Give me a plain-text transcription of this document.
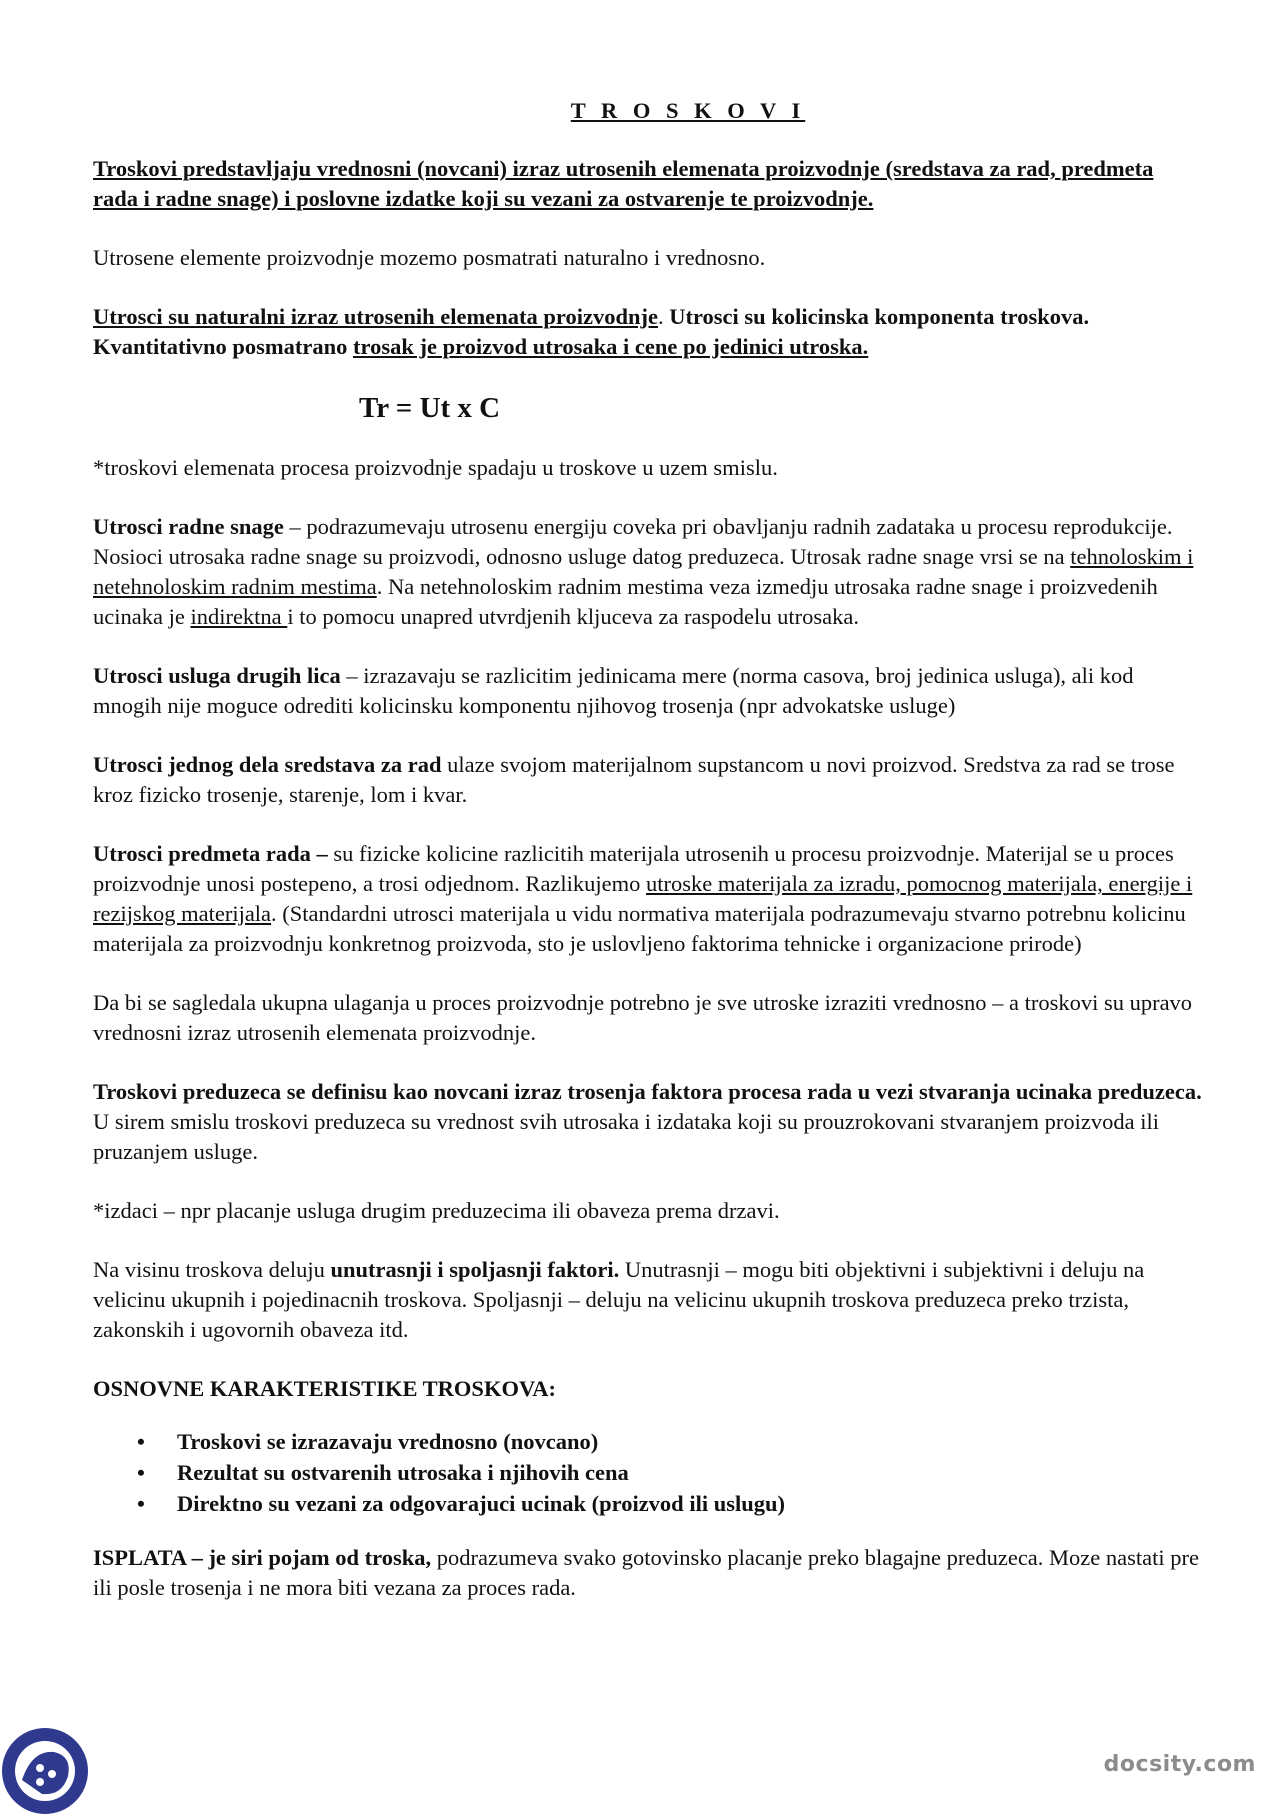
T R O S K O V I

Troskovi predstavljaju vrednosni (novcani) izraz utrosenih elemenata proizvodnje (sredstava za rad, predmeta rada i radne snage) i poslovne izdatke koji su vezani za ostvarenje te proizvodnje.

Utrosene elemente proizvodnje mozemo posmatrati naturalno i vrednosno.

Utrosci su naturalni izraz utrosenih elemenata proizvodnje. Utrosci su kolicinska komponenta troskova. Kvantitativno posmatrano trosak je proizvod utrosaka i cene po jedinici utroska.

Tr = Ut x C

*troskovi elemenata procesa proizvodnje spadaju u troskove u uzem smislu.

Utrosci radne snage – podrazumevaju utrosenu energiju coveka pri obavljanju radnih zadataka u procesu reprodukcije. Nosioci utrosaka radne snage su proizvodi, odnosno usluge datog preduzeca. Utrosak radne snage vrsi se na tehnoloskim i netehnoloskim radnim mestima. Na netehnoloskim radnim mestima veza izmedju utrosaka radne snage i proizvedenih ucinaka je indirektna i to pomocu unapred utvrdjenih kljuceva za raspodelu utrosaka.

Utrosci usluga drugih lica – izrazavaju se razlicitim jedinicama mere (norma casova, broj jedinica usluga), ali kod mnogih nije moguce odrediti kolicinsku komponentu njihovog trosenja (npr advokatske usluge)

Utrosci jednog dela sredstava za rad ulaze svojom materijalnom supstancom u novi proizvod. Sredstva za rad se trose kroz fizicko trosenje, starenje, lom i kvar.

Utrosci predmeta rada – su fizicke kolicine razlicitih materijala utrosenih u procesu proizvodnje. Materijal se u proces proizvodnje unosi postepeno, a trosi odjednom. Razlikujemo utroske materijala za izradu, pomocnog materijala, energije i rezijskog materijala. (Standardni utrosci materijala u vidu normativa materijala podrazumevaju stvarno potrebnu kolicinu materijala za proizvodnju konkretnog proizvoda, sto je uslovljeno faktorima tehnicke i organizacione prirode)

Da bi se sagledala ukupna ulaganja u proces proizvodnje potrebno je sve utroske izraziti vrednosno – a troskovi su upravo vrednosni izraz utrosenih elemenata proizvodnje.

Troskovi preduzeca se definisu kao novcani izraz trosenja faktora procesa rada u vezi stvaranja ucinaka preduzeca. U sirem smislu troskovi preduzeca su vrednost svih utrosaka i izdataka koji su prouzrokovani stvaranjem proizvoda ili pruzanjem usluge.

*izdaci – npr placanje usluga drugim preduzecima ili obaveza prema drzavi.

Na visinu troskova deluju unutrasnji i spoljasnji faktori. Unutrasnji – mogu biti objektivni i subjektivni i deluju na velicinu ukupnih i pojedinacnih troskova. Spoljasnji – deluju na velicinu ukupnih troskova preduzeca preko trzista, zakonskih i ugovornih obaveza itd.

OSNOVNE KARAKTERISTIKE TROSKOVA:
• Troskovi se izrazavaju vrednosno (novcano)
• Rezultat su ostvarenih utrosaka i njihovih cena
• Direktno su vezani za odgovarajuci ucinak (proizvod ili uslugu)

ISPLATA – je siri pojam od troska, podrazumeva svako gotovinsko placanje preko blagajne preduzeca. Moze nastati pre ili posle trosenja i ne mora biti vezana za proces rada.

docsity.com
